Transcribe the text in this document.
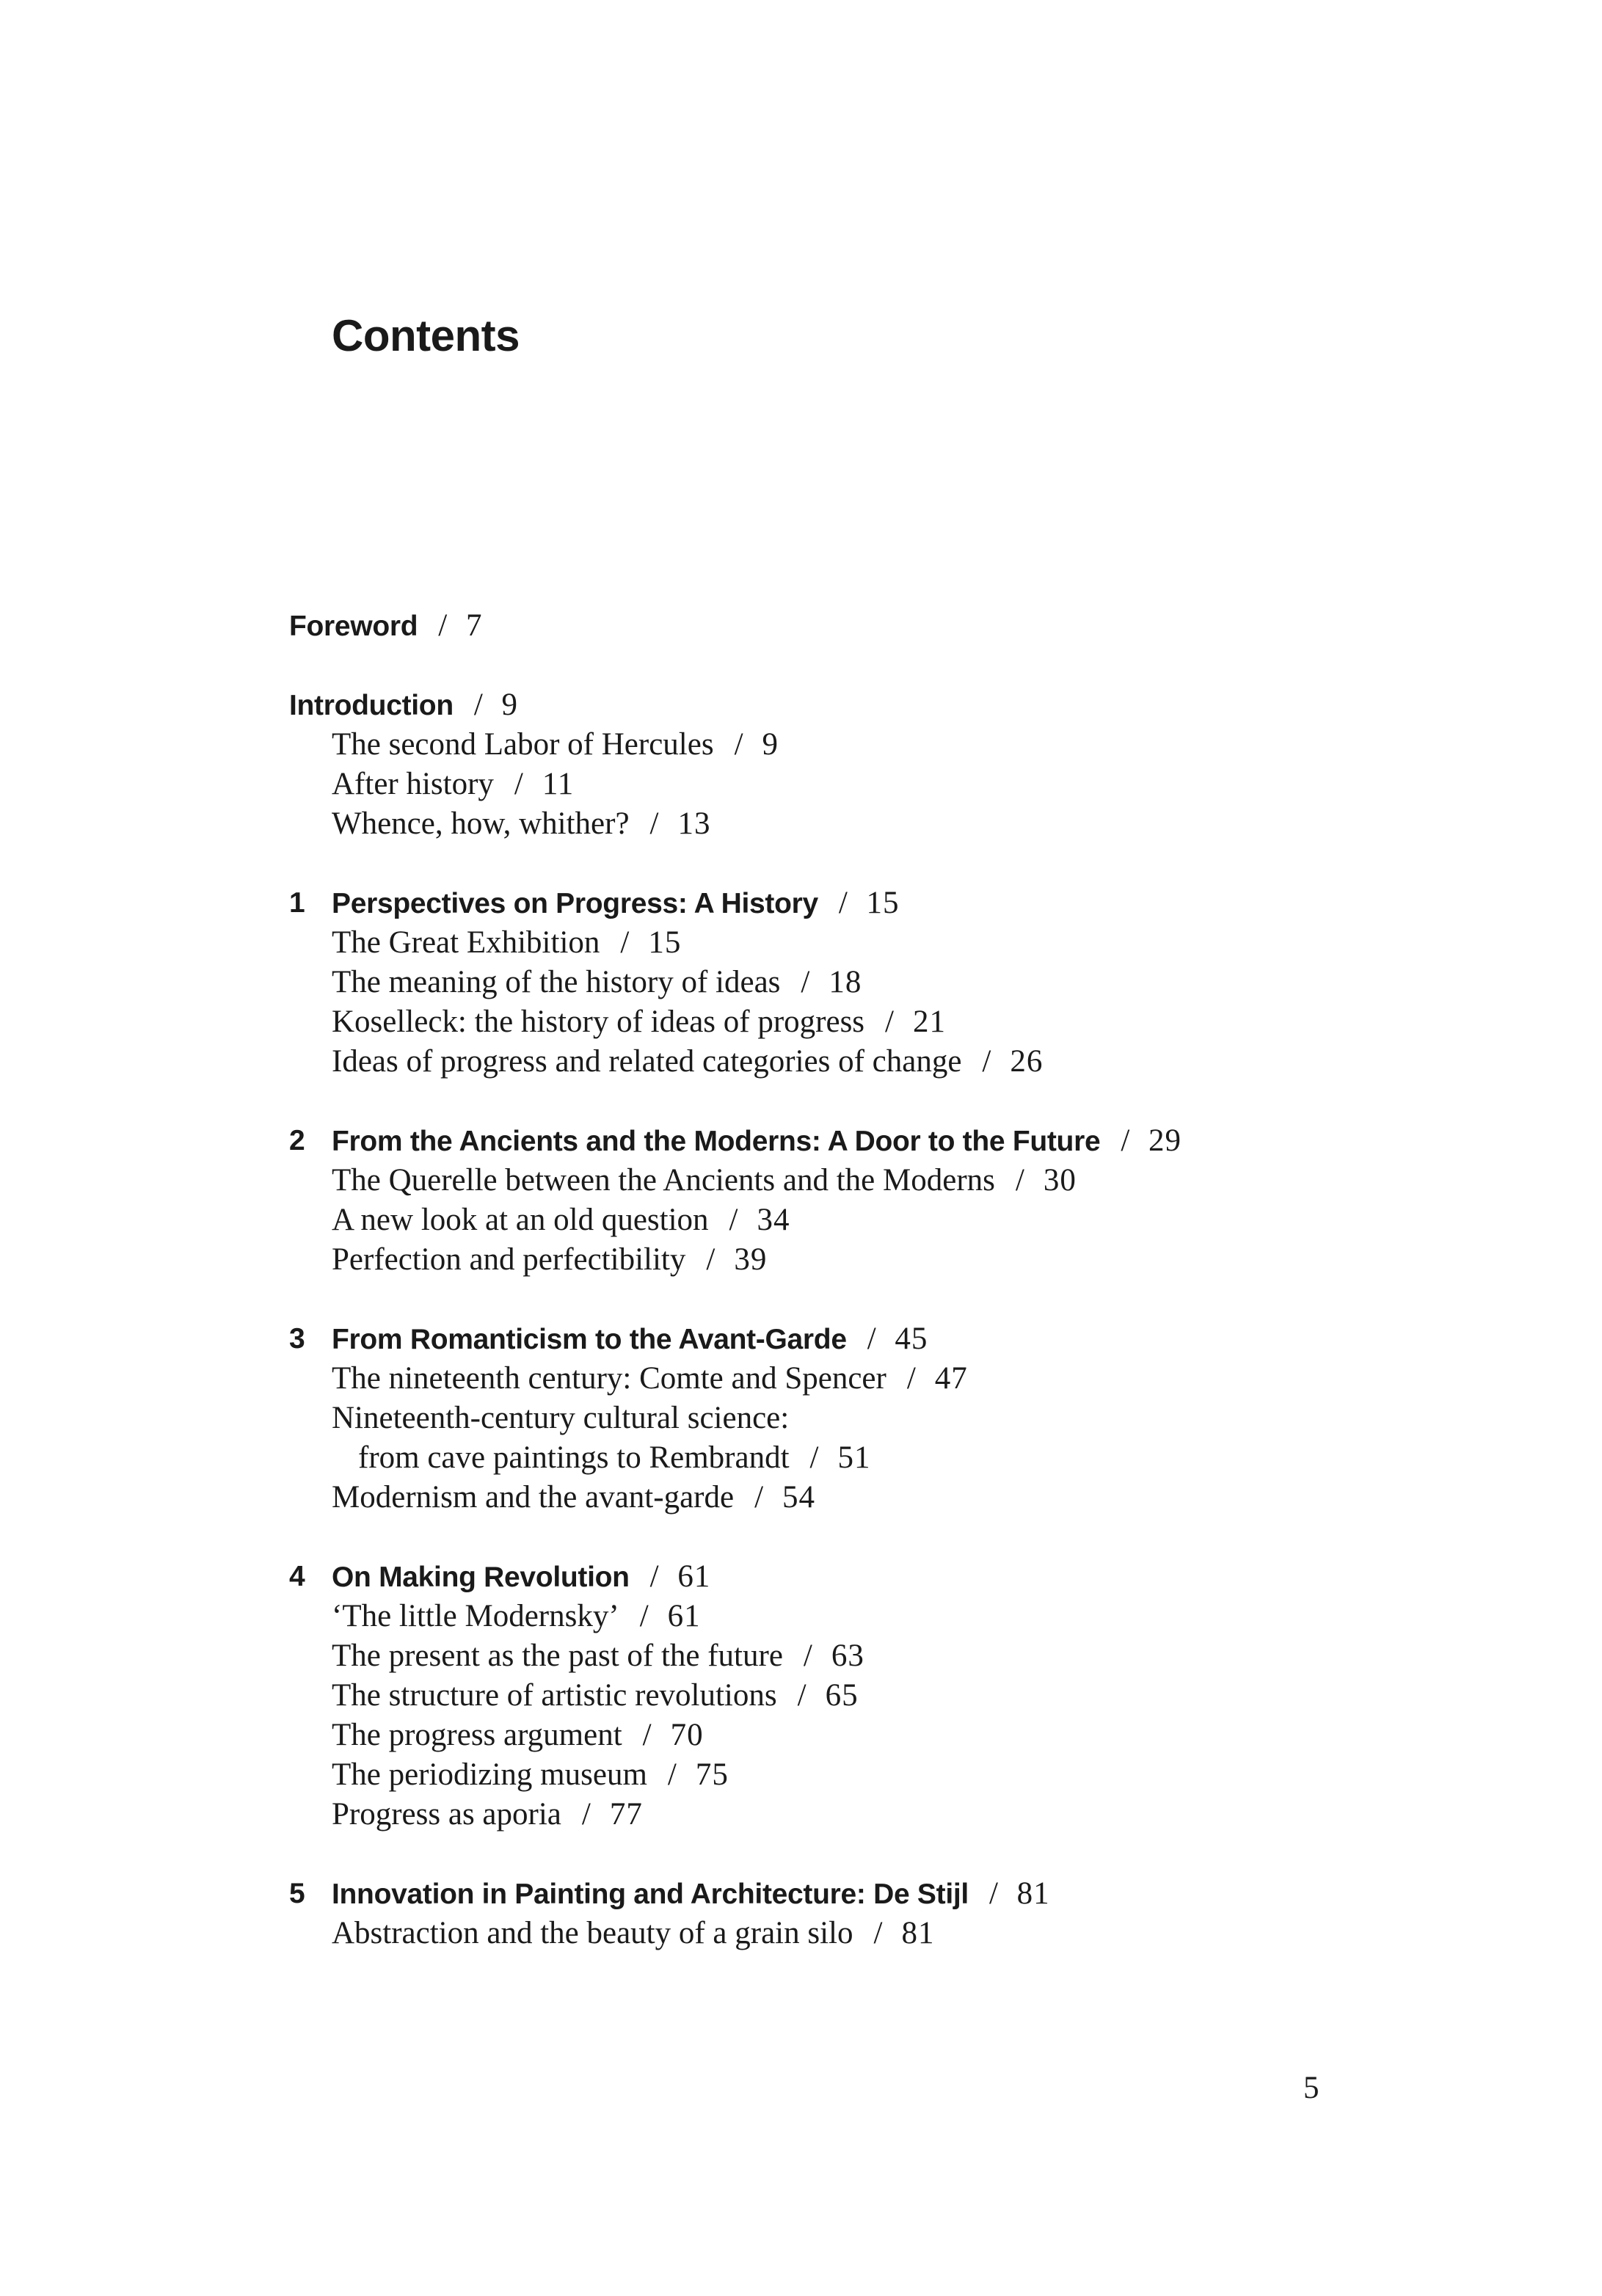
Contents
Foreword / 7
Introduction / 9
The second Labor of Hercules / 9
After history / 11
Whence, how, whither? / 13
1 Perspectives on Progress: A History / 15
The Great Exhibition / 15
The meaning of the history of ideas / 18
Koselleck: the history of ideas of progress / 21
Ideas of progress and related categories of change / 26
2 From the Ancients and the Moderns: A Door to the Future / 29
The Querelle between the Ancients and the Moderns / 30
A new look at an old question / 34
Perfection and perfectibility / 39
3 From Romanticism to the Avant-Garde / 45
The nineteenth century: Comte and Spencer / 47
Nineteenth-century cultural science:
from cave paintings to Rembrandt / 51
Modernism and the avant-garde / 54
4 On Making Revolution / 61
‘The little Modernsky’ / 61
The present as the past of the future / 63
The structure of artistic revolutions / 65
The progress argument / 70
The periodizing museum / 75
Progress as aporia / 77
5 Innovation in Painting and Architecture: De Stijl / 81
Abstraction and the beauty of a grain silo / 81

5
